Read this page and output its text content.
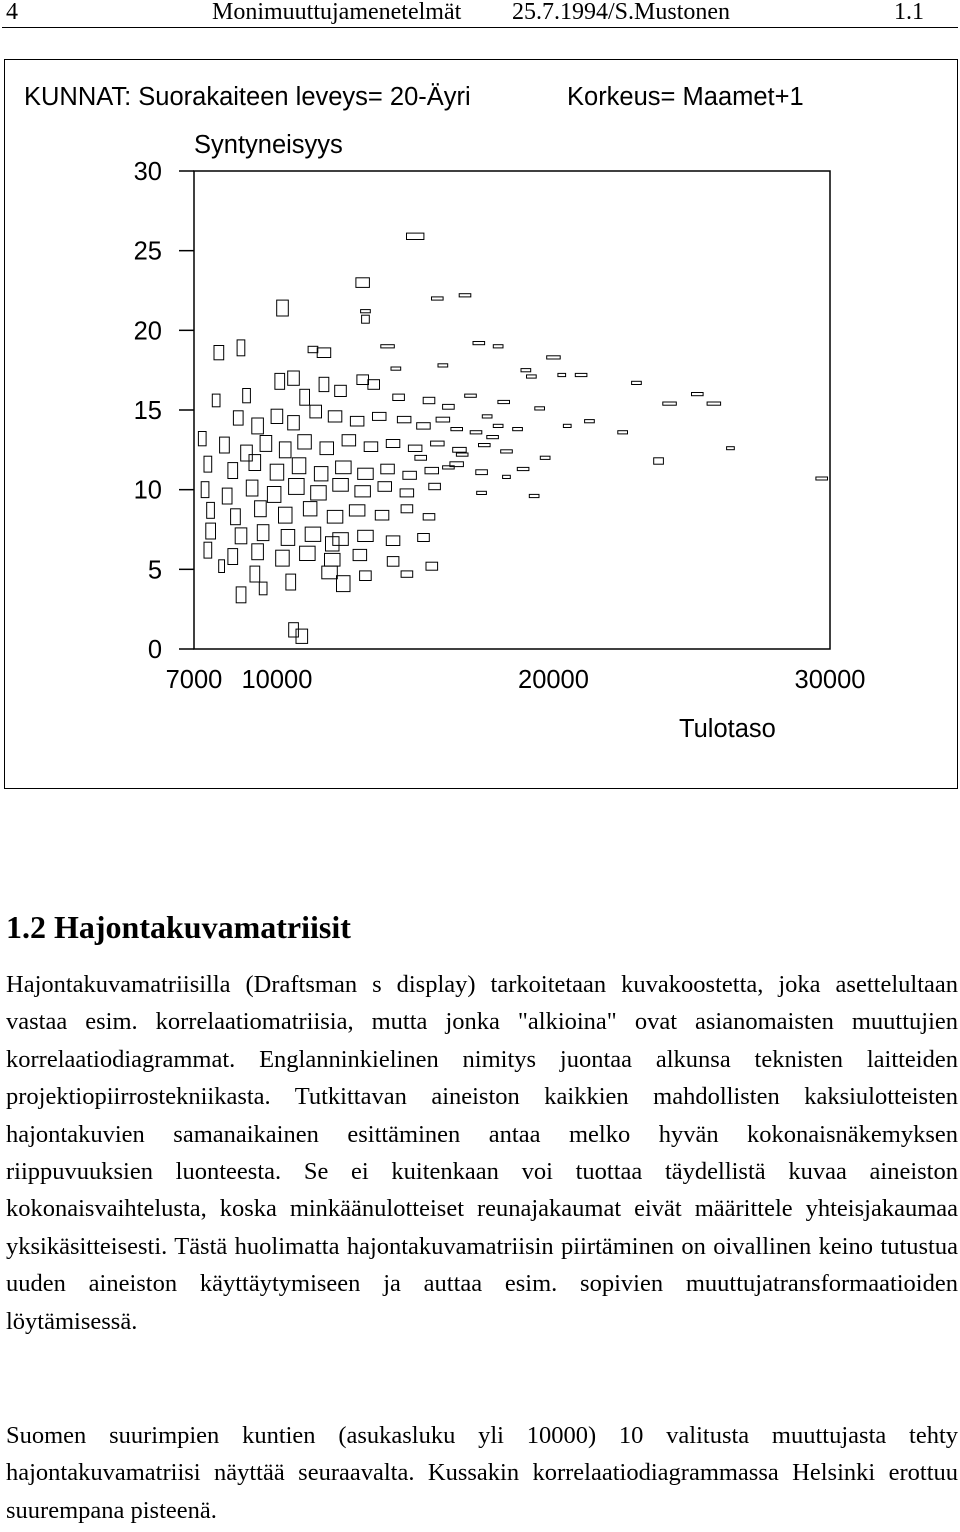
4	Monimuuttujamenetelmät 25.7.1994/S.Mustonen	1.1
KUNNAT: Suorakaiteen leveys= 20-Äyri	Korkeus= Maamet+1
Syntyneisyys
Tulotaso
0
5
10
15
20
25
30
7000 10000	20000	30000
1.2 Hajontakuvamatriisit

Hajontakuvamatriisilla (Draftsman s display) tarkoitetaan kuvakoostetta, joka asettelultaan vastaa esim. korrelaatiomatriisia, mutta jonka "alkioina" ovat asianomaisten muuttujien korrelaatiodiagrammat. Englanninkielinen nimitys juontaa alkunsa teknisten laitteiden projektiopiirrostekniikasta. Tutkittavan aineiston kaikkien mahdollisten kaksiulotteisten hajontakuvien samanaikainen esittäminen antaa melko hyvän kokonaisnäkemyksen riippuvuuksien luonteesta. Se ei kuitenkaan voi tuottaa täydellistä kuvaa aineiston kokonaisvaihtelusta, koska minkäänulotteiset reunajakaumat eivät määrittele yhteisjakaumaa yksikäsitteisesti. Tästä huolimatta hajontakuvamatriisin piirtäminen on oivallinen keino tutustua uuden aineiston käyttäytymiseen ja auttaa esim. sopivien muuttujatransformaatioiden löytämisessä.

Suomen suurimpien kuntien (asukasluku yli 10000) 10 valitusta muuttujasta tehty hajontakuvamatriisi näyttää seuraavalta. Kussakin korrelaatiodiagrammassa Helsinki erottuu suurempana pisteenä.
